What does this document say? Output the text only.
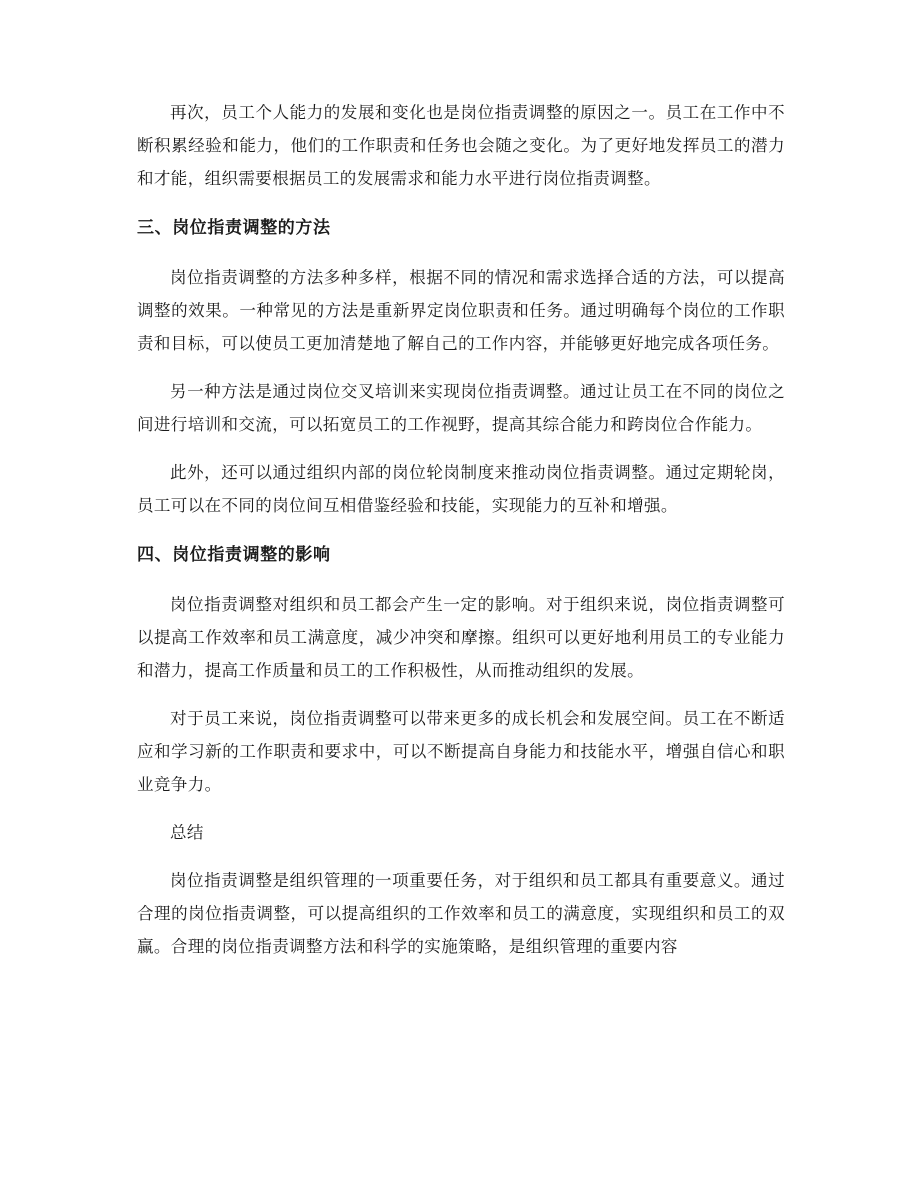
再次，员工个人能力的发展和变化也是岗位指责调整的原因之一。员工在工作中不断积累经验和能力，他们的工作职责和任务也会随之变化。为了更好地发挥员工的潜力和才能，组织需要根据员工的发展需求和能力水平进行岗位指责调整。

三、岗位指责调整的方法

岗位指责调整的方法多种多样，根据不同的情况和需求选择合适的方法，可以提高调整的效果。一种常见的方法是重新界定岗位职责和任务。通过明确每个岗位的工作职责和目标，可以使员工更加清楚地了解自己的工作内容，并能够更好地完成各项任务。

另一种方法是通过岗位交叉培训来实现岗位指责调整。通过让员工在不同的岗位之间进行培训和交流，可以拓宽员工的工作视野，提高其综合能力和跨岗位合作能力。

此外，还可以通过组织内部的岗位轮岗制度来推动岗位指责调整。通过定期轮岗，员工可以在不同的岗位间互相借鉴经验和技能，实现能力的互补和增强。

四、岗位指责调整的影响

岗位指责调整对组织和员工都会产生一定的影响。对于组织来说，岗位指责调整可以提高工作效率和员工满意度，减少冲突和摩擦。组织可以更好地利用员工的专业能力和潜力，提高工作质量和员工的工作积极性，从而推动组织的发展。

对于员工来说，岗位指责调整可以带来更多的成长机会和发展空间。员工在不断适应和学习新的工作职责和要求中，可以不断提高自身能力和技能水平，增强自信心和职业竞争力。

总结

岗位指责调整是组织管理的一项重要任务，对于组织和员工都具有重要意义。通过合理的岗位指责调整，可以提高组织的工作效率和员工的满意度，实现组织和员工的双赢。合理的岗位指责调整方法和科学的实施策略，是组织管理的重要内容
